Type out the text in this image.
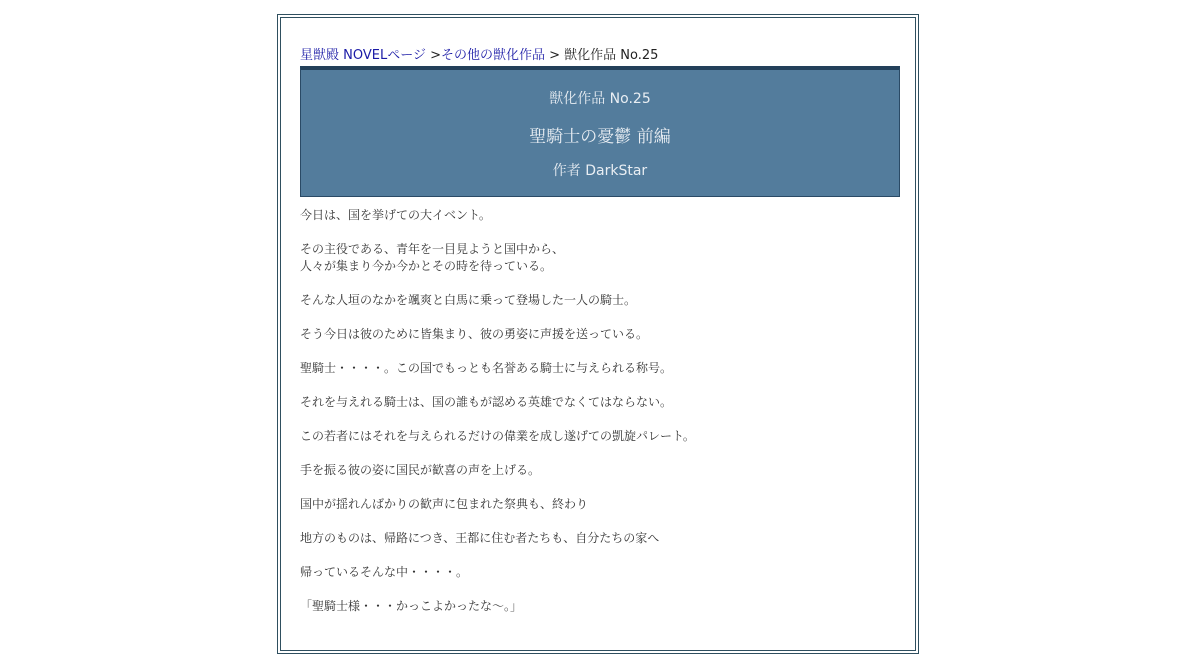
星獣殿 NOVELページ >その他の獣化作品 > 獣化作品 No.25
獣化作品 No.25
聖騎士の憂鬱 前編
作者 DarkStar

今日は、国を挙げての大イベント。

その主役である、青年を一目見ようと国中から、
人々が集まり今か今かとその時を待っている。

そんな人垣のなかを颯爽と白馬に乗って登場した一人の騎士。

そう今日は彼のために皆集まり、彼の勇姿に声援を送っている。

聖騎士・・・・。この国でもっとも名誉ある騎士に与えられる称号。

それを与えれる騎士は、国の誰もが認める英雄でなくてはならない。

この若者にはそれを与えられるだけの偉業を成し遂げての凱旋パレート。

手を振る彼の姿に国民が歓喜の声を上げる。

国中が揺れんばかりの歓声に包まれた祭典も、終わり

地方のものは、帰路につき、王都に住む者たちも、自分たちの家へ

帰っているそんな中・・・・。

「聖騎士様・・・かっこよかったな～。」
